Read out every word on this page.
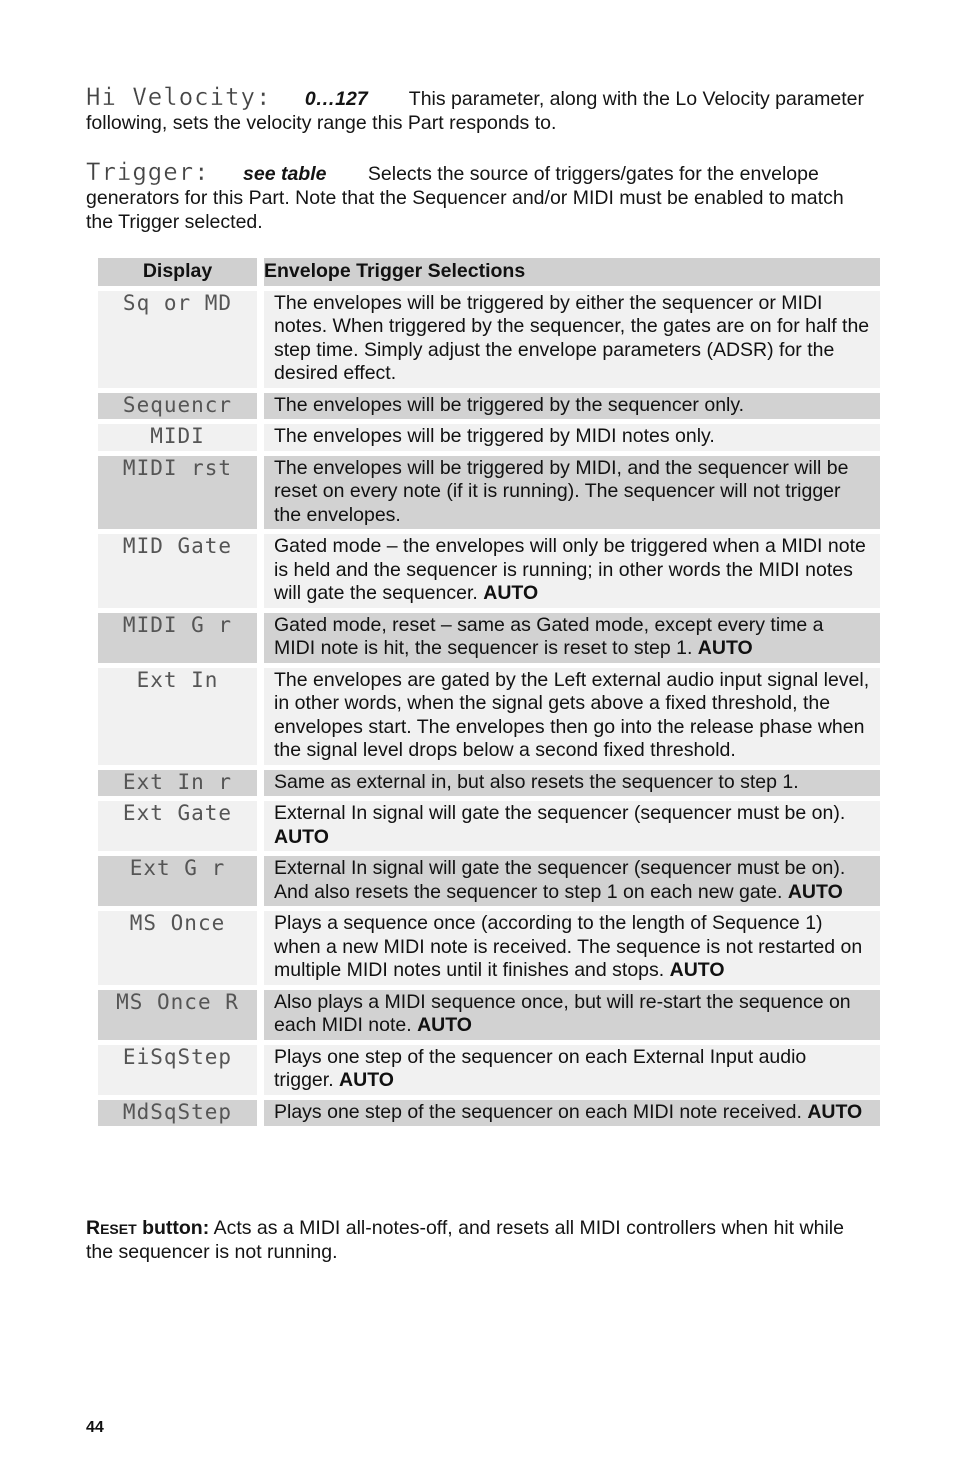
Hi Velocity: 0…127 This parameter, along with the Lo Velocity parameter following, sets the velocity range this Part responds to.

Trigger: see table Selects the source of triggers/gates for the envelope generators for this Part. Note that the Sequencer and/or MIDI must be enabled to match the Trigger selected.

Display		Envelope Trigger Selections
Sq or MD		The envelopes will be triggered by either the sequencer or MIDI notes. When triggered by the sequencer, the gates are on for half the step time. Simply adjust the envelope parameters (ADSR) for the desired effect.
Sequencr		The envelopes will be triggered by the sequencer only.
MIDI		The envelopes will be triggered by MIDI notes only.
MIDI rst		The envelopes will be triggered by MIDI, and the sequencer will be reset on every note (if it is running). The sequencer will not trigger the envelopes.
MID Gate		Gated mode – the envelopes will only be triggered when a MIDI note is held and the sequencer is running; in other words the MIDI notes will gate the sequencer. AUTO
MIDI G r		Gated mode, reset – same as Gated mode, except every time a MIDI note is hit, the sequencer is reset to step 1. AUTO
Ext In		The envelopes are gated by the Left external audio input signal level, in other words, when the signal gets above a fixed threshold, the envelopes start. The envelopes then go into the release phase when the signal level drops below a second fixed threshold.
Ext In r		Same as external in, but also resets the sequencer to step 1.
Ext Gate		External In signal will gate the sequencer (sequencer must be on). AUTO
Ext G r		External In signal will gate the sequencer (sequencer must be on). And also resets the sequencer to step 1 on each new gate. AUTO
MS Once		Plays a sequence once (according to the length of Sequence 1) when a new MIDI note is received. The sequence is not restarted on multiple MIDI notes until it finishes and stops. AUTO
MS Once R		Also plays a MIDI sequence once, but will re-start the sequence on each MIDI note. AUTO
EiSqStep		Plays one step of the sequencer on each External Input audio trigger. AUTO
MdSqStep		Plays one step of the sequencer on each MIDI note received. AUTO

Reset button: Acts as a MIDI all-notes-off, and resets all MIDI controllers when hit while the sequencer is not running.

44
